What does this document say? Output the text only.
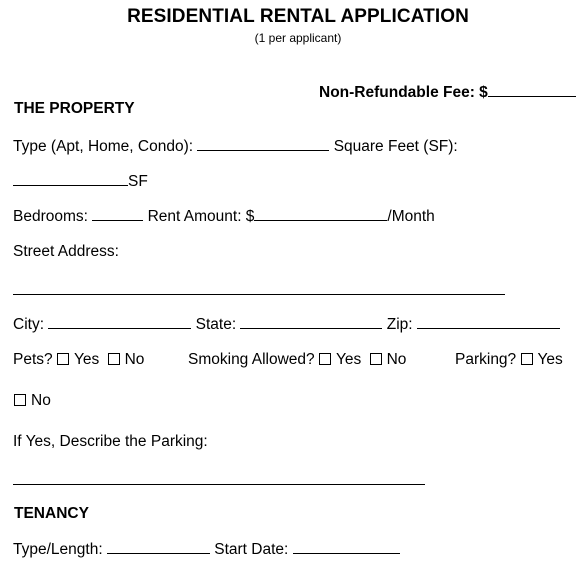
RESIDENTIAL RENTAL APPLICATION
(1 per applicant)
Non-Refundable Fee: $
THE PROPERTY
Type (Apt, Home, Condo):	Square Feet (SF):
SF
Bedrooms:	Rent Amount: $	/Month
Street Address:
City:	State:	Zip:
Pets? Yes No	Smoking Allowed? Yes No	Parking? Yes
No
If Yes, Describe the Parking:
TENANCY
Type/Length:	Start Date:
